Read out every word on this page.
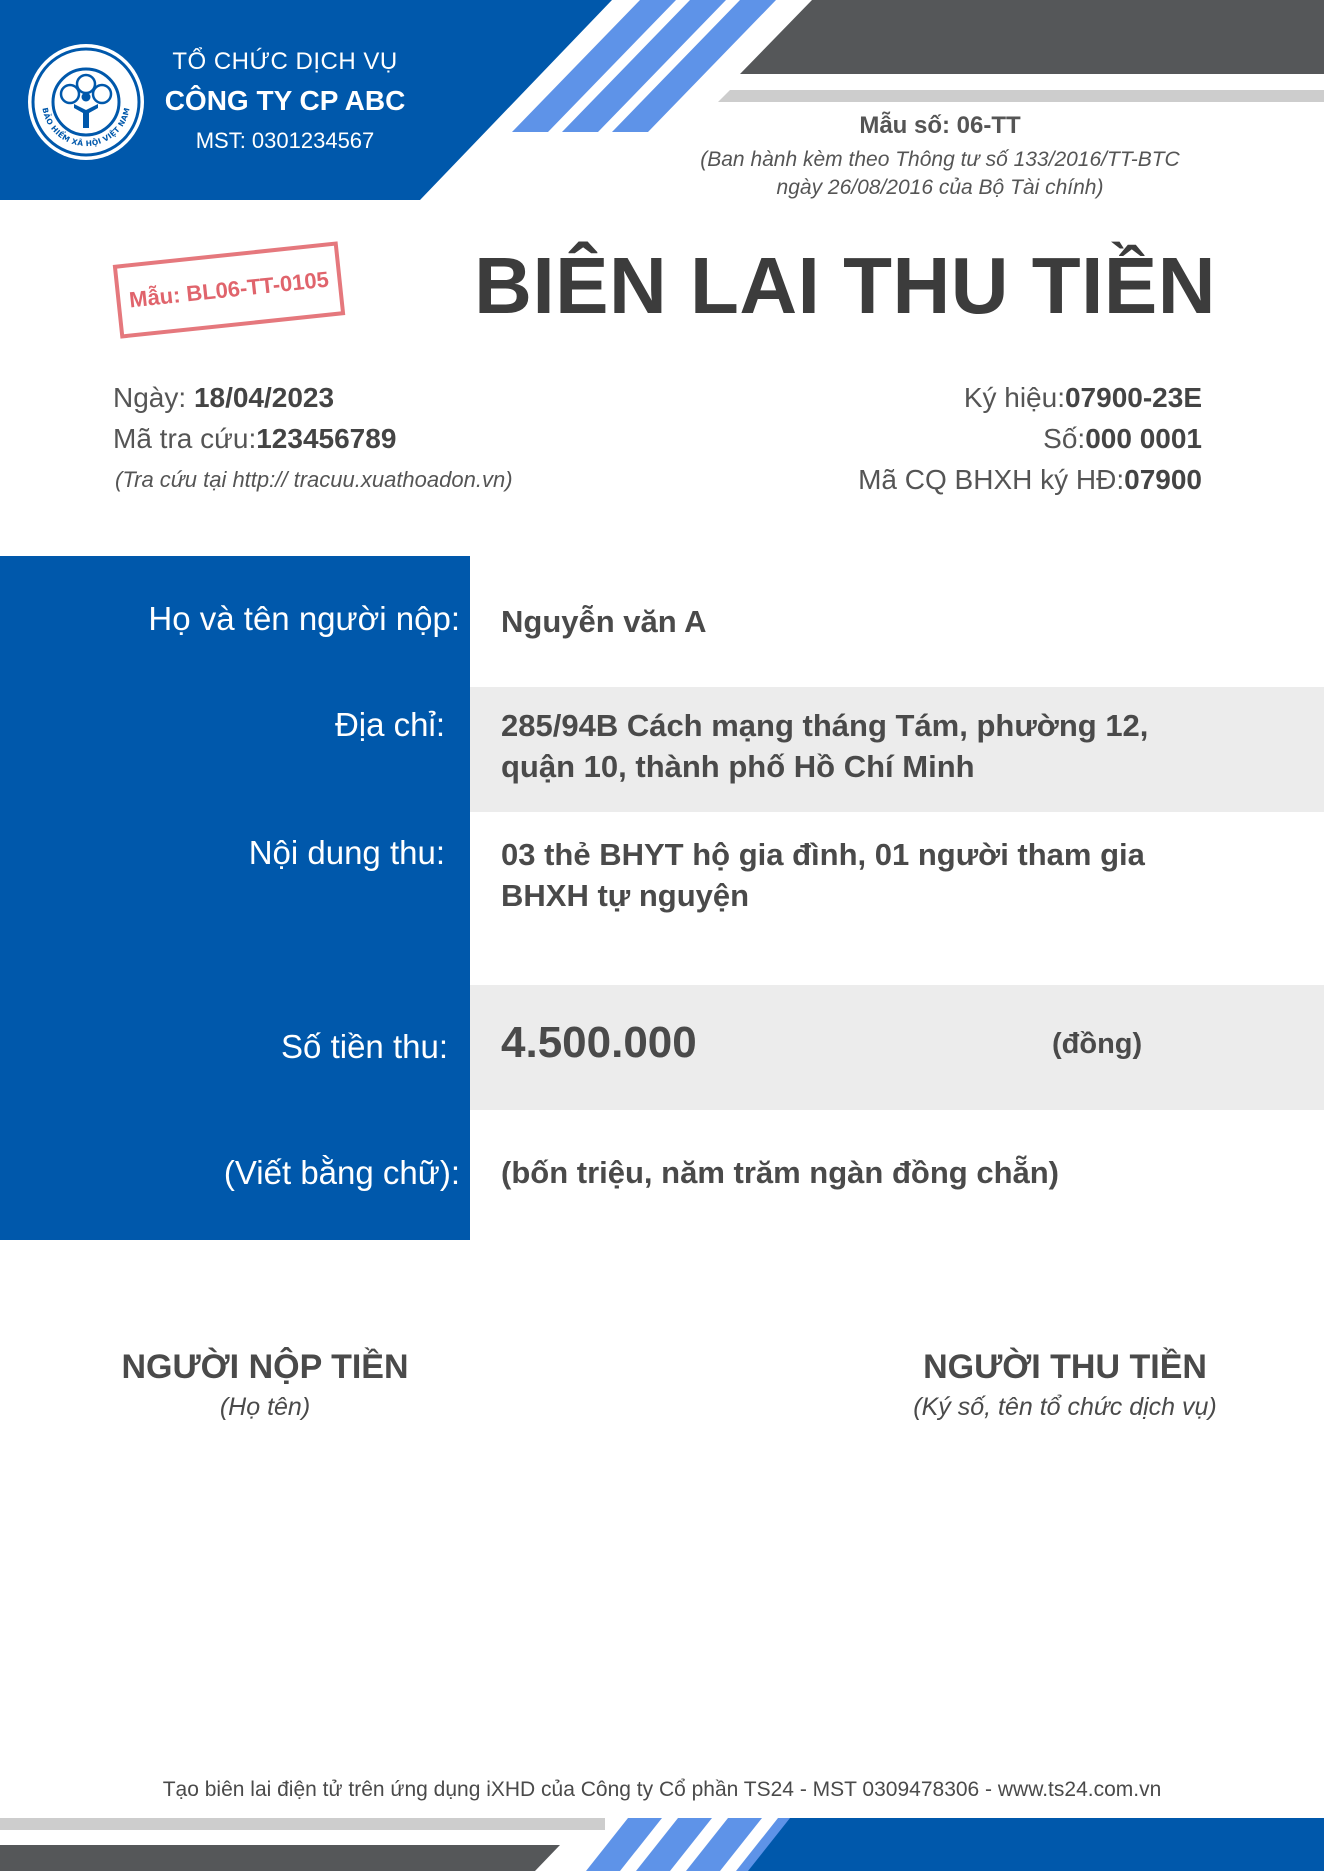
BẢO HIỂM XÃ HỘI VIỆT NAM
TỔ CHỨC DỊCH VỤ
CÔNG TY CP ABC
MST: 0301234567
Mẫu số: 06-TT
(Ban hành kèm theo Thông tư số 133/2016/TT-BTC
ngày 26/08/2016 của Bộ Tài chính)
Mẫu: BL06-TT-0105 BIÊN LAI THU TIỀN
Ngày: 18/04/2023
Mã tra cứu:123456789
(Tra cứu tại http:// tracuu.xuathoadon.vn)
Ký hiệu:07900-23E
Số:000 0001
Mã CQ BHXH ký HĐ:07900
Họ và tên người nộp: Nguyễn văn A
Địa chỉ: 285/94B Cách mạng tháng Tám, phường 12,
quận 10, thành phố Hồ Chí Minh
Nội dung thu: 03 thẻ BHYT hộ gia đình, 01 người tham gia
BHXH tự nguyện
Số tiền thu: 4.500.000	(đồng)
(Viết bằng chữ): (bốn triệu, năm trăm ngàn đồng chẵn)
NGƯỜI NỘP TIỀN
(Họ tên)
NGƯỜI THU TIỀN
(Ký số, tên tổ chức dịch vụ)
Tạo biên lai điện tử trên ứng dụng iXHD của Công ty Cổ phần TS24 - MST 0309478306 - www.ts24.com.vn
